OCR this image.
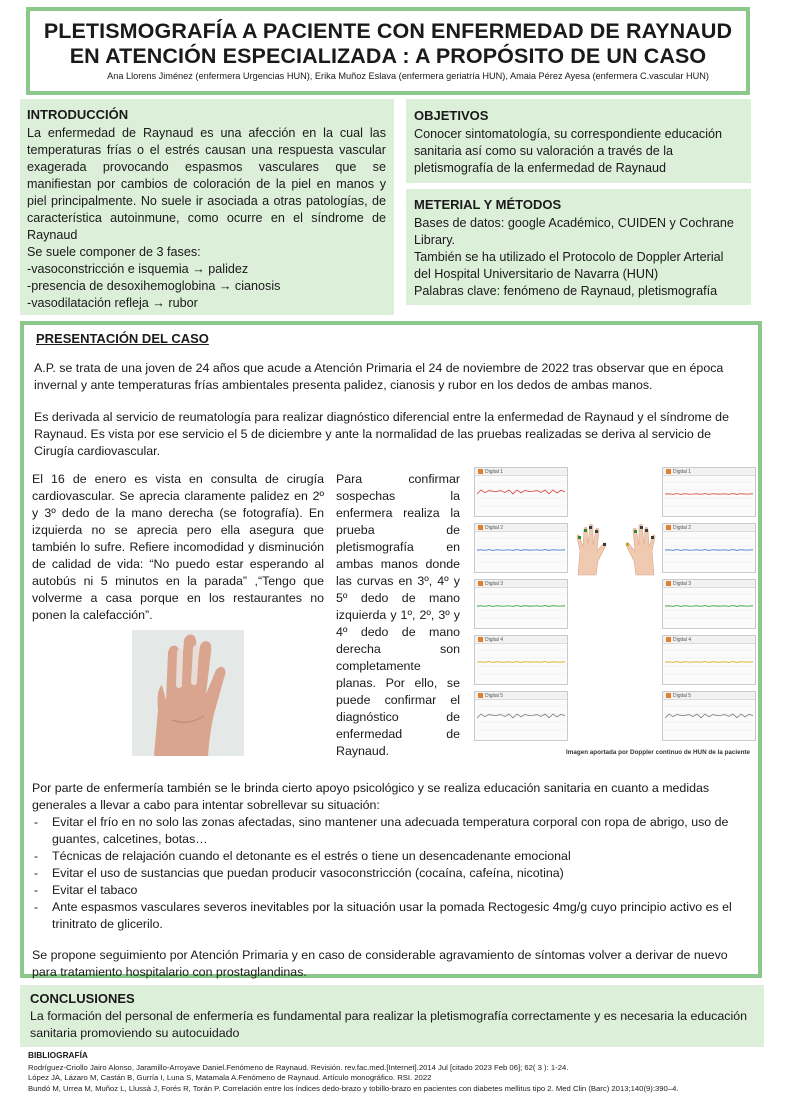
PLETISMOGRAFÍA A PACIENTE CON ENFERMEDAD DE RAYNAUD
EN ATENCIÓN ESPECIALIZADA : A PROPÓSITO DE UN CASO
Ana Llorens Jiménez (enfermera Urgencias HUN), Erika Muñoz Eslava (enfermera geriatría HUN), Amaia Pérez Ayesa (enfermera C.vascular HUN)
INTRODUCCIÓN

La enfermedad de Raynaud es una afección en la cual las temperaturas frías o el estrés causan una respuesta vascular exagerada provocando espasmos vasculares que se manifiestan por cambios de coloración de la piel en manos y piel principalmente. No suele ir asociada a otras patologías, de característica autoinmune, como ocurre en el síndrome de Raynaud

Se suele componer de 3 fases:

-vasoconstricción e isquemia → palidez

-presencia de desoxihemoglobina → cianosis

-vasodilatación refleja → rubor

OBJETIVOS

Conocer sintomatología, su correspondiente educación sanitaria así como su valoración a través de la pletismografía de la enfermedad de Raynaud

METERIAL Y MÉTODOS

Bases de datos: google Académico, CUIDEN y Cochrane Library.

También se ha utilizado el Protocolo de Doppler Arterial del Hospital Universitario de Navarra (HUN)

Palabras clave: fenómeno de Raynaud, pletismografía

PRESENTACIÓN DEL CASO

A.P. se trata de una joven de 24 años que acude a Atención Primaria el 24 de noviembre de 2022 tras observar que en época invernal y ante temperaturas frías ambientales presenta palidez, cianosis y rubor en los dedos de ambas manos.

Es derivada al servicio de reumatología para realizar diagnóstico diferencial entre la enfermedad de Raynaud y el síndrome de Raynaud. Es vista por ese servicio el 5 de diciembre y ante la normalidad de las pruebas realizadas se deriva al servicio de Cirugía cardiovascular.

El 16 de enero es vista en consulta de cirugía cardiovascular. Se aprecia claramente palidez en 2º y 3º dedo de la mano derecha (se fotografía). En izquierda no se aprecia pero ella asegura que también lo sufre. Refiere incomodidad y disminución de calidad de vida: “No puedo estar esperando al autobús ni 5 minutos en la parada” ,“Tengo que volverme a casa porque en los restaurantes no ponen la calefacción”.

Para confirmar sospechas la enfermera realiza la prueba de pletismografía en ambas manos donde las curvas en 3º, 4º y 5º dedo de mano izquierda y 1º, 2º, 3º y 4º dedo de mano derecha son completamente planas. Por ello, se puede confirmar el diagnóstico de enfermedad de Raynaud.

Digital 1
Digital 2
Digital 3
Digital 4
Digital 5
Digital 1
Digital 2
Digital 3
Digital 4
Digital 5
Imagen aportada por Doppler continuo de HUN de la paciente

Por parte de enfermería también se le brinda cierto apoyo psicológico y se realiza educación sanitaria en cuanto a medidas generales a llevar a cabo para intentar sobrellevar su situación:

- Evitar el frío en no solo las zonas afectadas, sino mantener una adecuada temperatura corporal con ropa de abrigo, uso de guantes, calcetines, botas…
- Técnicas de relajación cuando el detonante es el estrés o tiene un desencadenante emocional
- Evitar el uso de sustancias que puedan producir vasoconstricción (cocaína, cafeína, nicotina)
- Evitar el tabaco
- Ante espasmos vasculares severos inevitables por la situación usar la pomada Rectogesic 4mg/g cuyo principio activo es el trinitrato de glicerilo.

Se propone seguimiento por Atención Primaria y en caso de considerable agravamiento de síntomas volver a derivar de nuevo para tratamiento hospitalario con prostaglandinas.

CONCLUSIONES

La formación del personal de enfermería es fundamental para realizar la pletismografía correctamente y es necesaria la educación sanitaria promoviendo su autocuidado

BIBLIOGRAFÍA

Rodríguez-Criollo Jairo Alonso, Jaramillo-Arroyave Daniel.Fenómeno de Raynaud. Revisión. rev.fac.med.[Internet].2014 Jul [citado 2023 Feb 06]; 62( 3 ): 1-24.

López JA, Lázaro M, Castán B, Gurría I, Luna S, Matamala A.Fenómeno de Raynaud. Artículo monográfico. RSI. 2022

Bundó M, Urrea M, Muñoz L, Llussà J, Forés R, Torán P. Correlación entre los índices dedo-brazo y tobillo-brazo en pacientes con diabetes mellitus tipo 2. Med Clin (Barc) 2013;140(9):390–4.
